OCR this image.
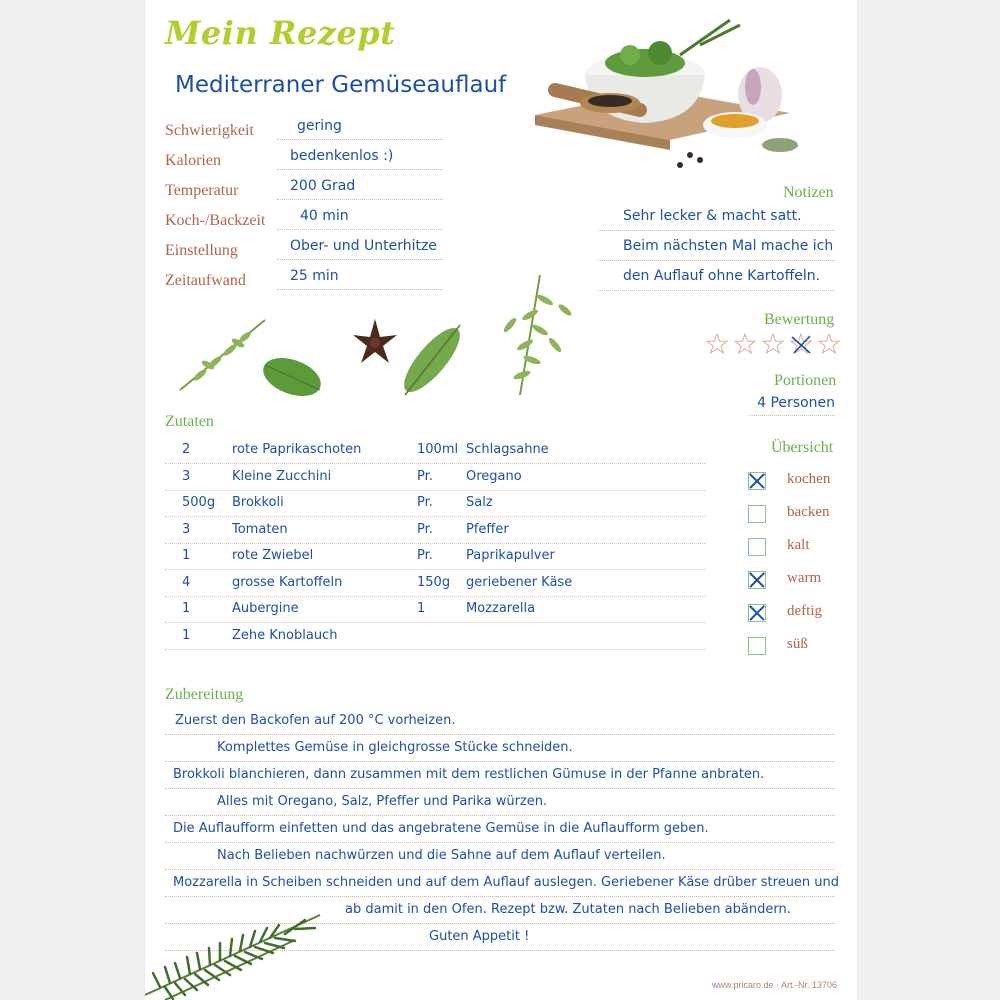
Mein Rezept
Mediterraner Gemüseauflauf
Schwierigkeit	gering
Kalorien	bedenkenlos :)
Temperatur	200 Grad
Koch-/Backzeit 40 min
Einstellung	Ober- und Unterhitze
Zeitaufwand	25 min
Notizen
Sehr lecker & macht satt.
Beim nächsten Mal mache ich
den Auflauf ohne Kartoffeln.
Bewertung
Portionen
4 Personen
Zutaten
2	rote Paprikaschoten	100ml Schlagsahne
3	Kleine Zucchini	Pr.	Oregano
500g Brokkoli	Pr.	Salz
3	Tomaten	Pr.	Pfeffer
1	rote Zwiebel	Pr.	Paprikapulver
4	grosse Kartoffeln	150g geriebener Käse
1	Aubergine	1	Mozzarella
1	Zehe Knoblauch
Übersicht
kochen
backen
kalt
warm
deftig
süß
Zubereitung
Zuerst den Backofen auf 200 °C vorheizen.
Komplettes Gemüse in gleichgrosse Stücke schneiden.
Brokkoli blanchieren, dann zusammen mit dem restlichen Gümuse in der Pfanne anbraten.
Alles mit Oregano, Salz, Pfeffer und Parika würzen.
Die Auflaufform einfetten und das angebratene Gemüse in die Auflaufform geben.
Nach Belieben nachwürzen und die Sahne auf dem Auflauf verteilen.
Mozzarella in Scheiben schneiden und auf dem Auflauf auslegen. Geriebener Käse drüber streuen und
ab damit in den Ofen. Rezept bzw. Zutaten nach Belieben abändern.
Guten Appetit !
www.pricaro.de · Art.-Nr. 13706
